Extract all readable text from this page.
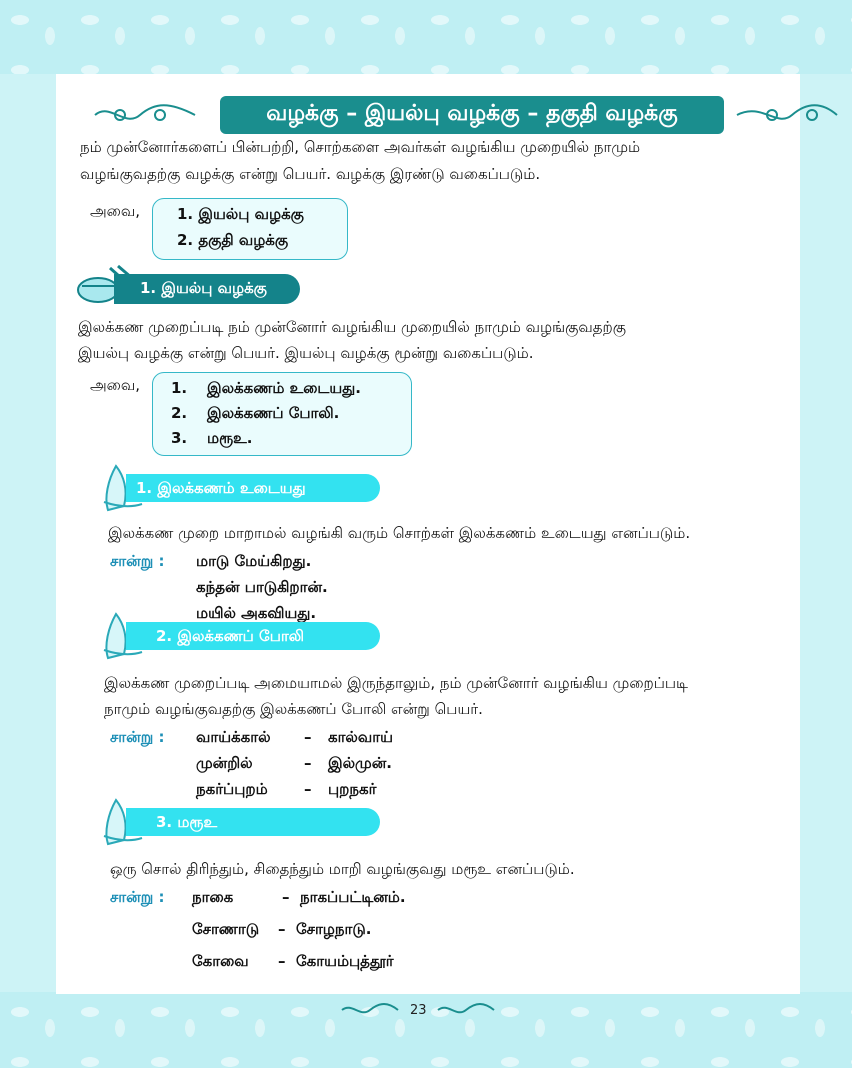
வழக்கு – இயல்பு வழக்கு – தகுதி வழக்கு
நம் முன்னோர்களைப் பின்பற்றி, சொற்களை அவர்கள் வழங்கிய முறையில் நாமும்
வழங்குவதற்கு வழக்கு என்று பெயர். வழக்கு இரண்டு வகைப்படும்.
அவை, 1. இயல்பு வழக்கு
2. தகுதி வழக்கு
1. இயல்பு வழக்கு
இலக்கண முறைப்படி நம் முன்னோர் வழங்கிய முறையில் நாமும் வழங்குவதற்கு
இயல்பு வழக்கு என்று பெயர். இயல்பு வழக்கு மூன்று வகைப்படும்.
அவை, 1. இலக்கணம் உடையது.
2. இலக்கணப் போலி.
3. மரூஉ.
1. இலக்கணம் உடையது
இலக்கண முறை மாறாமல் வழங்கி வரும் சொற்கள் இலக்கணம் உடையது எனப்படும்.
சான்று : மாடு மேய்கிறது.
கந்தன் பாடுகிறான்.
மயில் அகவியது.
2. இலக்கணப் போலி
இலக்கண முறைப்படி அமையாமல் இருந்தாலும், நம் முன்னோர் வழங்கிய முறைப்படி
நாமும் வழங்குவதற்கு இலக்கணப் போலி என்று பெயர்.
சான்று : வாய்க்கால் – கால்வாய்
முன்றில்	– இல்முன்.
நகர்ப்புறம் – புறநகர்
3. மரூஉ
ஒரு சொல் திரிந்தும், சிதைந்தும் மாறி வழங்குவது மரூஉ எனப்படும்.
சான்று : நாகை	– நாகப்பட்டினம்.
சோணாடு – சோழநாடு.
கோவை – கோயம்புத்தூர்
23
